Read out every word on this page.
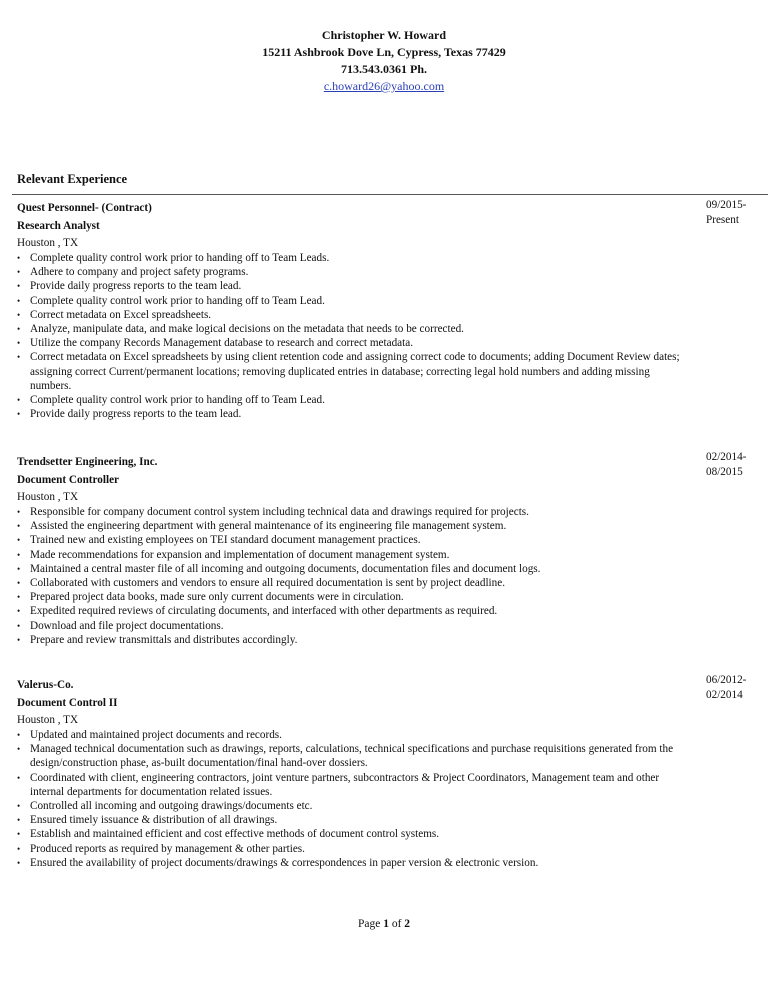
Christopher W. Howard
15211 Ashbrook Dove Ln, Cypress, Texas 77429
713.543.0361 Ph.
c.howard26@yahoo.com
Relevant Experience
09/2015-
Present
Quest Personnel- (Contract)
Research Analyst
Houston , TX
• Complete quality control work prior to handing off to Team Leads.
• Adhere to company and project safety programs.
• Provide daily progress reports to the team lead.
• Complete quality control work prior to handing off to Team Lead.
• Correct metadata on Excel spreadsheets.
• Analyze, manipulate data, and make logical decisions on the metadata that needs to be corrected.
• Utilize the company Records Management database to research and correct metadata.
• Correct metadata on Excel spreadsheets by using client retention code and assigning correct code to documents; adding Document Review dates; assigning correct Current/permanent locations; removing duplicated entries in database; correcting legal hold numbers and adding missing numbers.
• Complete quality control work prior to handing off to Team Lead.
• Provide daily progress reports to the team lead.
02/2014-
08/2015
Trendsetter Engineering, Inc.
Document Controller
Houston , TX
• Responsible for company document control system including technical data and drawings required for projects.
• Assisted the engineering department with general maintenance of its engineering file management system.
• Trained new and existing employees on TEI standard document management practices.
• Made recommendations for expansion and implementation of document management system.
• Maintained a central master file of all incoming and outgoing documents, documentation files and document logs.
• Collaborated with customers and vendors to ensure all required documentation is sent by project deadline.
• Prepared project data books, made sure only current documents were in circulation.
• Expedited required reviews of circulating documents, and interfaced with other departments as required.
• Download and file project documentations.
• Prepare and review transmittals and distributes accordingly.
06/2012-
02/2014
Valerus-Co.
Document Control II
Houston , TX
• Updated and maintained project documents and records.
• Managed technical documentation such as drawings, reports, calculations, technical specifications and purchase requisitions generated from the design/construction phase, as-built documentation/final hand-over dossiers.
• Coordinated with client, engineering contractors, joint venture partners, subcontractors & Project Coordinators, Management team and other internal departments for documentation related issues.
• Controlled all incoming and outgoing drawings/documents etc.
• Ensured timely issuance & distribution of all drawings.
• Establish and maintained efficient and cost effective methods of document control systems.
• Produced reports as required by management & other parties.
• Ensured the availability of project documents/drawings & correspondences in paper version & electronic version.
Page 1 of 2
